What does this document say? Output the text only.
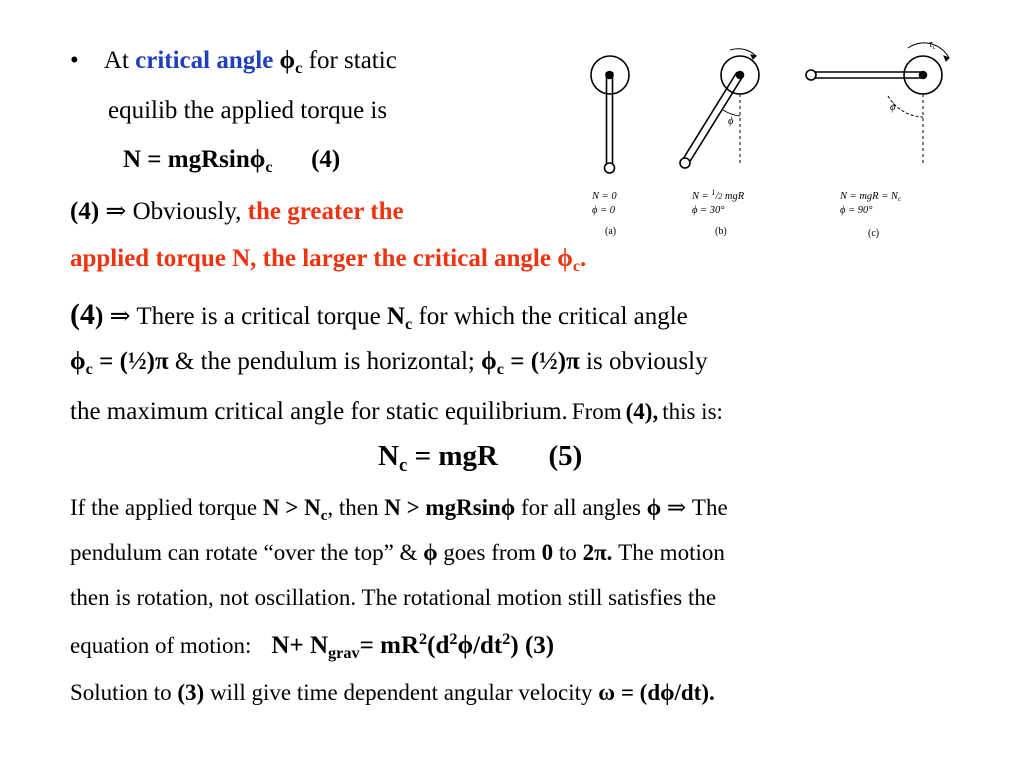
• At critical angle $\phi_c$ for static
equilib the applied torque is
N = mgRsinϕ$_c$ (4)
(4) ⇒ Obviously, the greater the
applied torque N, the larger the critical angle $\phi_c$.
(4) ⇒ There is a critical torque $N_c$ for which the critical angle
$\phi_c$ = (½)π & the pendulum is horizontal; $\phi_c$ = (½)π is obviously
the maximum critical angle for static equilibrium. From (4), this is:
$N_c$ = mgR (5)
If the applied torque $N > N_c$, then N > mgRsinϕ for all angles ϕ ⇒ The
pendulum can rotate “over the top” & ϕ goes from 0 to 2π. The motion
then is rotation, not oscillation. The rotational motion still satisfies the
equation of motion: $N+ N_{grav}= mR^2(d^2\phi/dt^2)$ (3)
Solution to (3) will give time dependent angular velocity ω = (dϕ/dt).
N = 0
ϕ = 0
(a)
ϕ
N = $^1$/2 mgR
ϕ = 30°
(b)
ϕ
τc
N = mgR = Nc
ϕ = 90°
(c)
